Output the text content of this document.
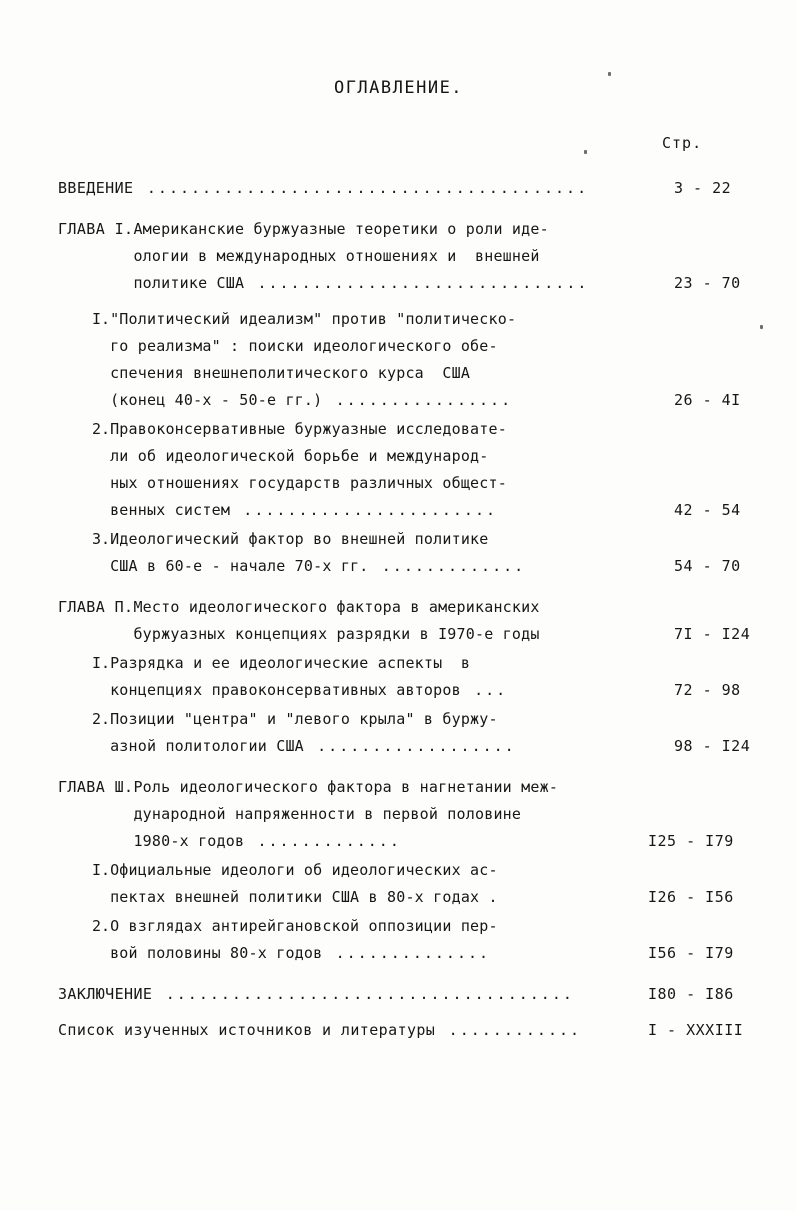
ОГЛАВЛЕНИЕ.
Стр.
ВВЕДЕНИЕ ........................................	3 - 22
ГЛАВА I. Американские буржуазные теоретики о роли иде-
ологии в международных отношениях и  внешней
политике США ..............................	23 - 70
I. "Политический идеализм" против "политическо-
го реализма" : поиски идеологического обе-
спечения внешнеполитического курса  США
(конец 40-х - 50-е гг.) ................	26 - 4I
2. Правоконсервативные буржуазные исследовате-
ли об идеологической борьбе и международ-
ных отношениях государств различных общест-
венных систем .......................	42 - 54
3. Идеологический фактор во внешней политике
США в 60-е - начале 70-х гг. .............	54 - 70
ГЛАВА П. Место идеологического фактора в американских
буржуазных концепциях разрядки в I970-е годы	7I - I24
I. Разрядка и ее идеологические аспекты  в
концепциях правоконсервативных авторов ...	72 - 98
2. Позиции "центра" и "левого крыла" в буржу-
азной политологии США ..................	98 - I24
ГЛАВА Ш. Роль идеологического фактора в нагнетании меж-
дународной напряженности в первой половине
1980-х годов .............	I25 - I79
I. Официальные идеологи об идеологических ас-
пектах внешней политики США в 80-х годах .	I26 - I56
2. О взглядах антирейгановской оппозиции пер-
вой половины 80-х годов ..............	I56 - I79
ЗАКЛЮЧЕНИЕ .....................................	I80 - I86
Список изученных источников и литературы ............	I - XXXIII
